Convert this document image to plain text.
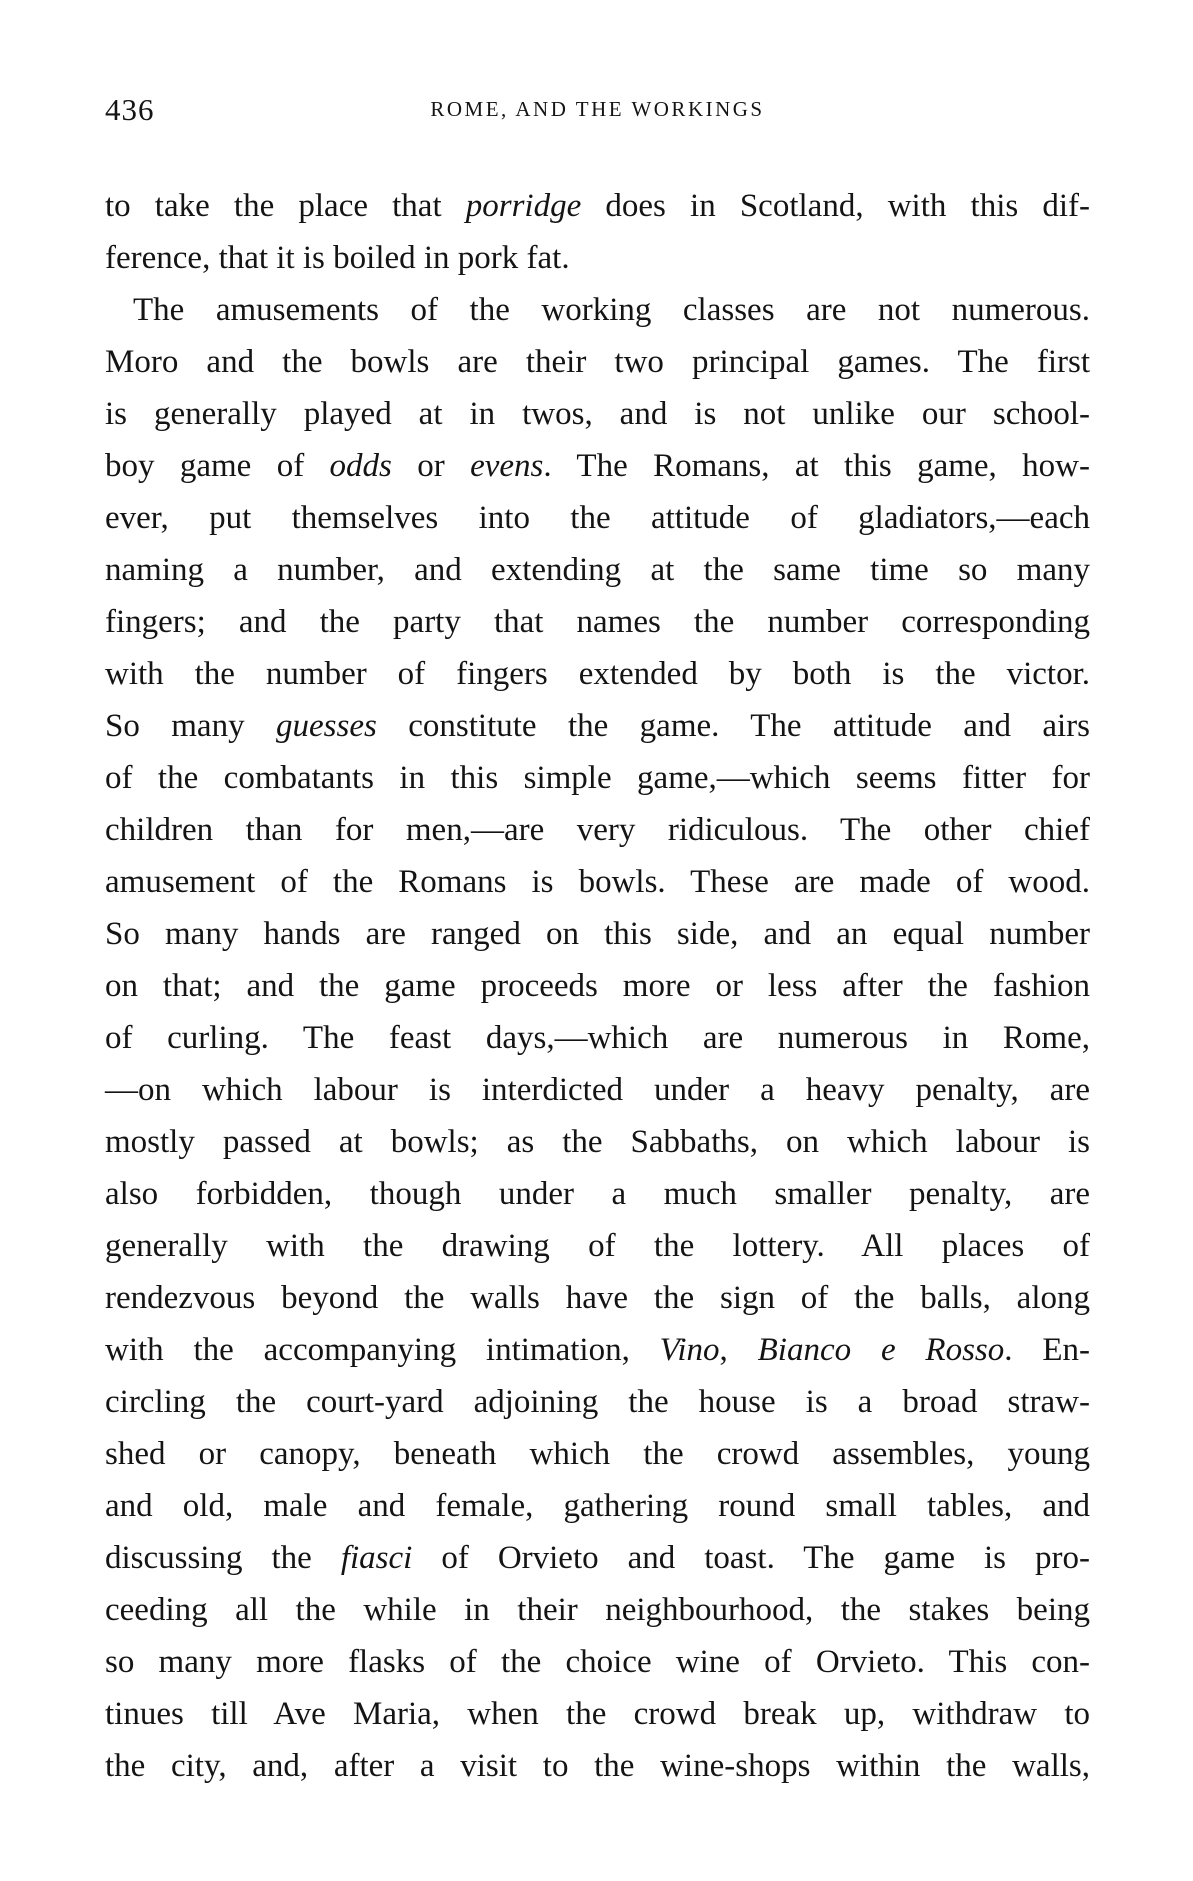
436	ROME, AND THE WORKINGS
to take the place that porridge does in Scotland, with this dif-
ference, that it is boiled in pork fat.
The amusements of the working classes are not numerous.
Moro and the bowls are their two principal games. The first
is generally played at in twos, and is not unlike our school-
boy game of odds or evens. The Romans, at this game, how-
ever, put themselves into the attitude of gladiators,—each
naming a number, and extending at the same time so many
fingers; and the party that names the number corresponding
with the number of fingers extended by both is the victor.
So many guesses constitute the game. The attitude and airs
of the combatants in this simple game,—which seems fitter for
children than for men,—are very ridiculous. The other chief
amusement of the Romans is bowls. These are made of wood.
So many hands are ranged on this side, and an equal number
on that; and the game proceeds more or less after the fashion
of curling. The feast days,—which are numerous in Rome,
—on which labour is interdicted under a heavy penalty, are
mostly passed at bowls; as the Sabbaths, on which labour is
also forbidden, though under a much smaller penalty, are
generally with the drawing of the lottery. All places of
rendezvous beyond the walls have the sign of the balls, along
with the accompanying intimation, Vino, Bianco e Rosso. En-
circling the court-yard adjoining the house is a broad straw-
shed or canopy, beneath which the crowd assembles, young
and old, male and female, gathering round small tables, and
discussing the fiasci of Orvieto and toast. The game is pro-
ceeding all the while in their neighbourhood, the stakes being
so many more flasks of the choice wine of Orvieto. This con-
tinues till Ave Maria, when the crowd break up, withdraw to
the city, and, after a visit to the wine-shops within the walls,
